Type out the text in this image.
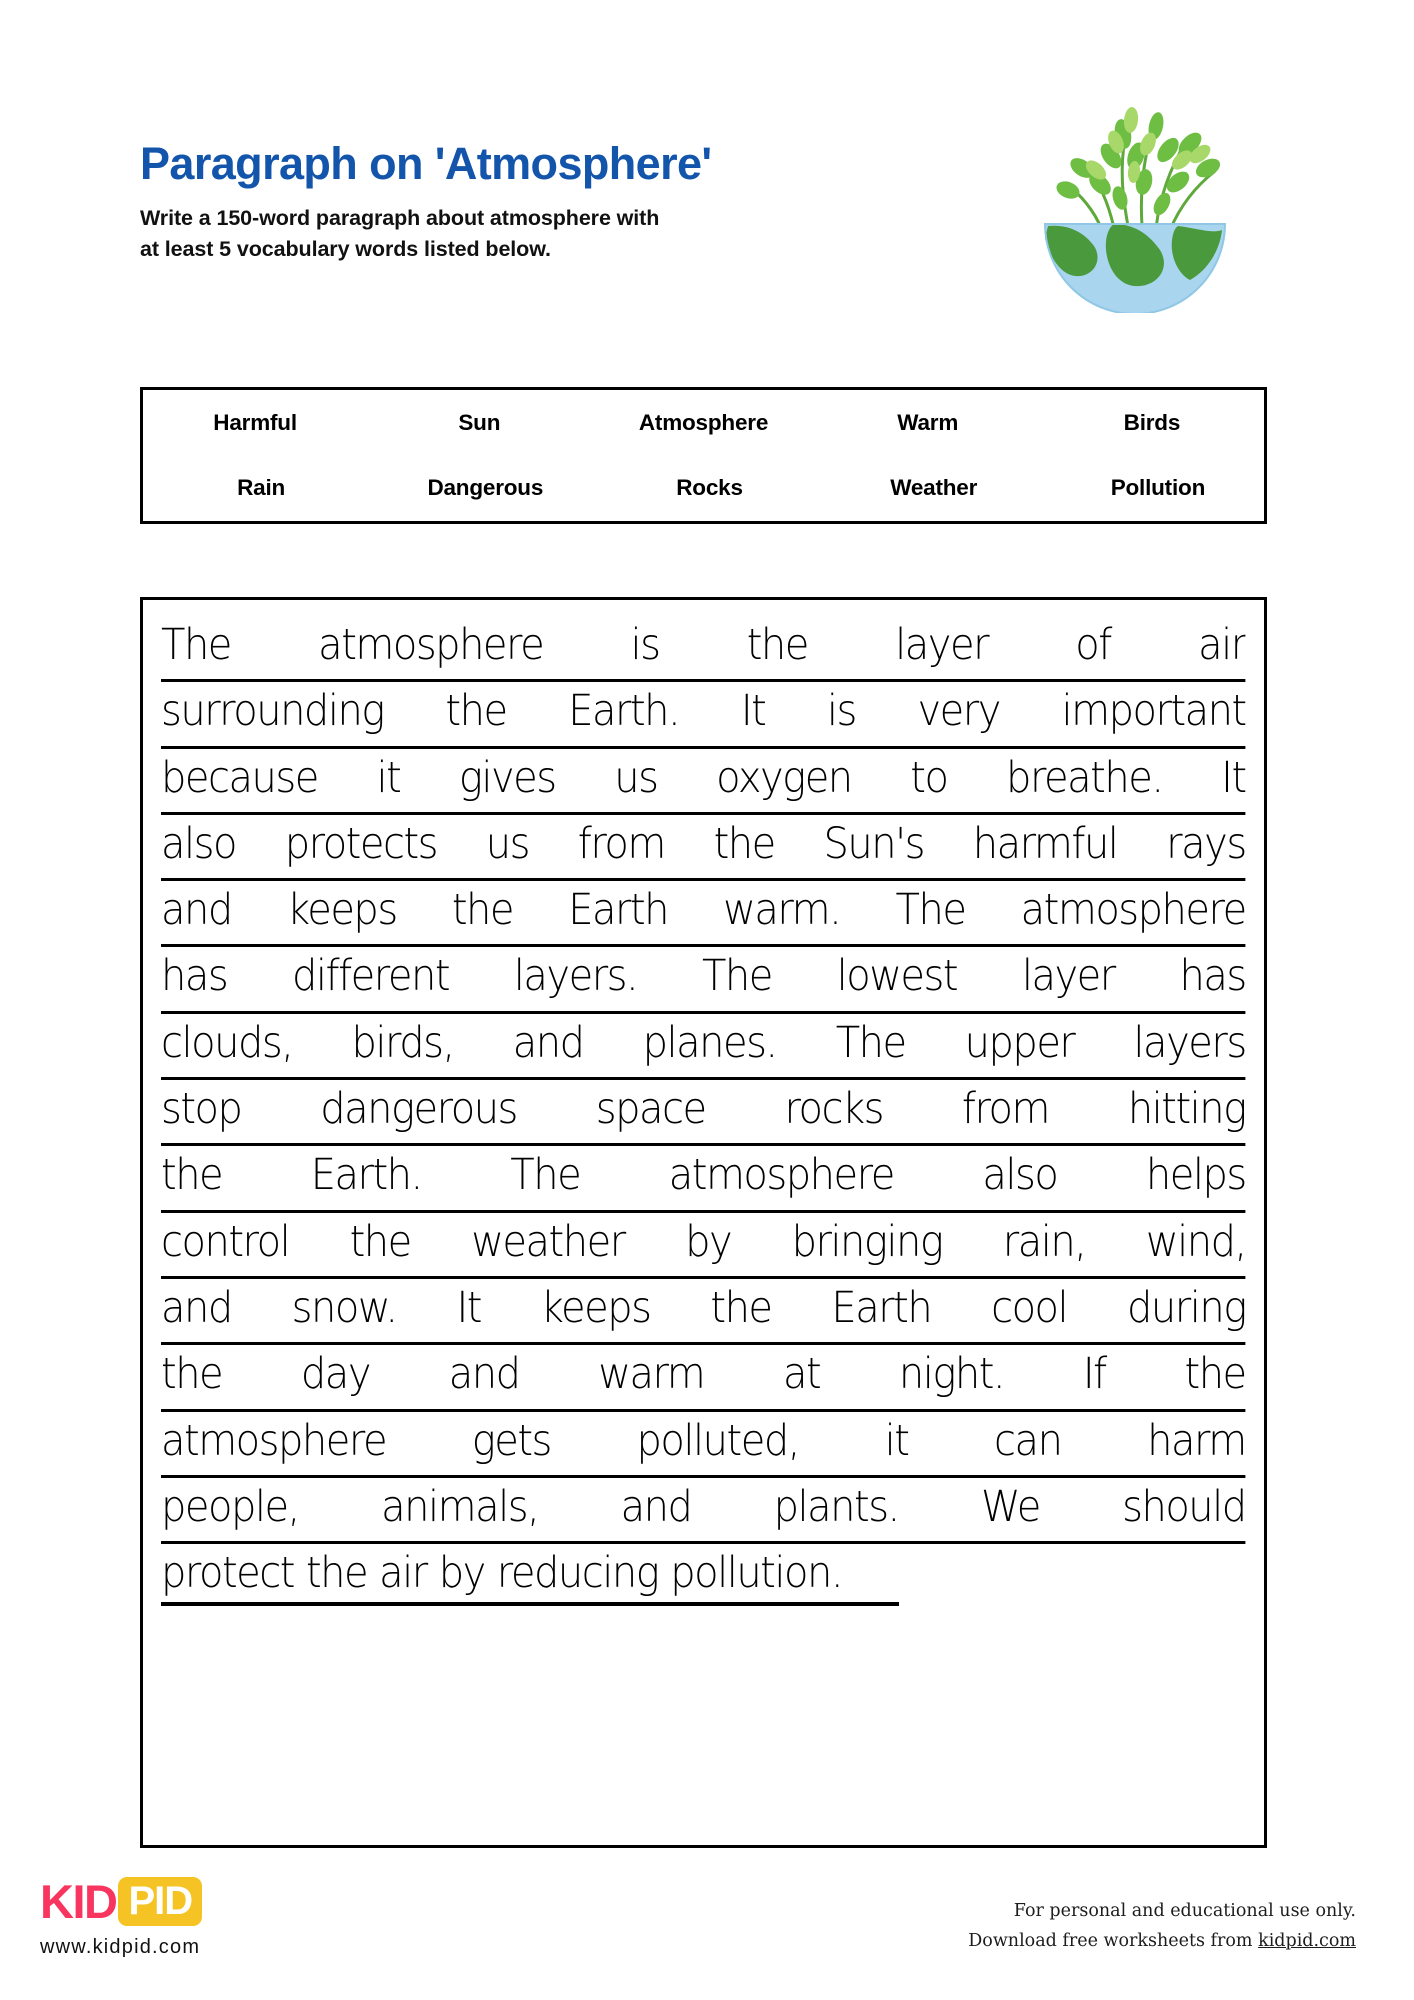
Paragraph on 'Atmosphere'
Write a 150-word paragraph about atmosphere with
at least 5 vocabulary words listed below.
Harmful	Sun	Atmosphere	Warm	Birds
Rain	Dangerous	Rocks	Weather	Pollution
The atmosphere is the layer of air
surrounding the Earth. It is very important
because it gives us oxygen to breathe. It
also protects us from the Sun's harmful rays
and keeps the Earth warm. The atmosphere
has different layers. The lowest layer has
clouds, birds, and planes. The upper layers
stop dangerous space rocks from hitting
the Earth. The atmosphere also helps
control the weather by bringing rain, wind,
and snow. It keeps the Earth cool during
the day and warm at night. If the
atmosphere gets polluted, it can harm
people, animals, and plants. We should
protect the air by reducing pollution.
KID PID
www.kidpid.com
For personal and educational use only.
Download free worksheets from kidpid.com
